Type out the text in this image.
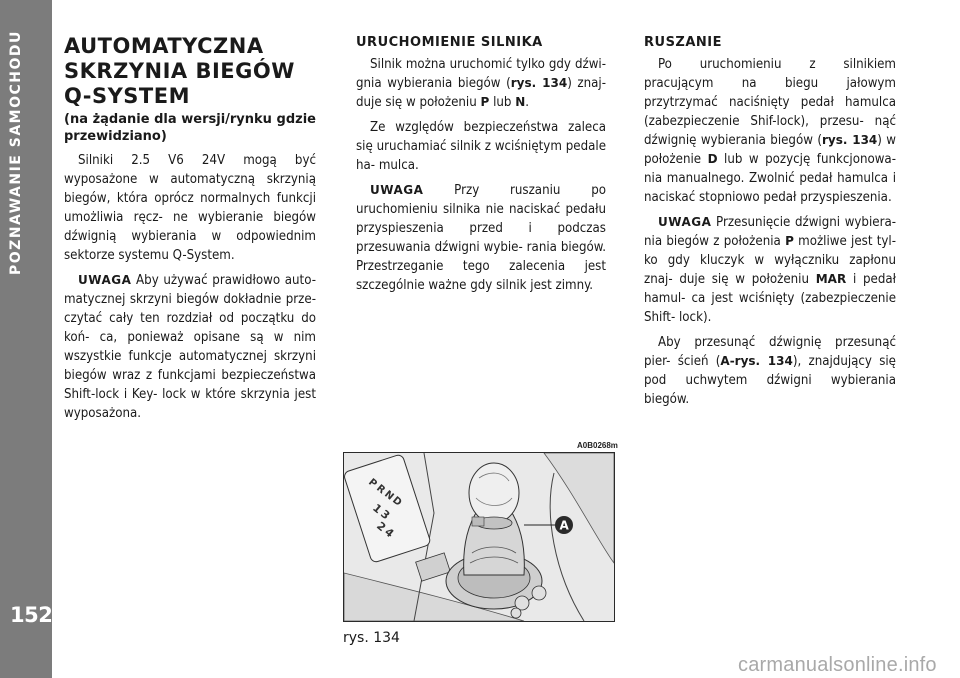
POZNAWANIE SAMOCHODU
152
AUTOMATYCZNA
SKRZYNIA BIEGÓW
Q-SYSTEM
(na żądanie dla wersji/rynku gdzie przewidziano)

Silniki 2.5 V6 24V mogą być wyposażone w automatyczną skrzynią biegów, która oprócz normalnych funkcji umożliwia ręcz- ne wybieranie biegów dźwignią wybierania w odpowiednim sektorze systemu Q-System.

UWAGA Aby używać prawidłowo auto- matycznej skrzyni biegów dokładnie prze- czytać cały ten rozdział od początku do koń- ca, ponieważ opisane są w nim wszystkie funkcje automatycznej skrzyni biegów wraz z funkcjami bezpieczeństwa Shift-lock i Key- lock w które skrzynia jest wyposażona.

URUCHOMIENIE SILNIKA

Silnik można uruchomić tylko gdy dźwi- gnia wybierania biegów (rys. 134) znaj- duje się w położeniu P lub N.

Ze względów bezpieczeństwa zaleca się uruchamiać silnik z wciśniętym pedale ha- mulca.

UWAGA Przy ruszaniu po uruchomieniu silnika nie naciskać pedału przyspieszenia przed i podczas przesuwania dźwigni wybie- rania biegów. Przestrzeganie tego zalecenia jest szczególnie ważne gdy silnik jest zimny.

RUSZANIE

Po uruchomieniu z silnikiem pracującym na biegu jałowym przytrzymać naciśnięty pedał hamulca (zabezpieczenie Shif-lock), przesu- nąć dźwignię wybierania biegów (rys. 134) w położenie D lub w pozycję funkcjonowa- nia manualnego. Zwolnić pedał hamulca i naciskać stopniowo pedał przyspieszenia.

UWAGA Przesunięcie dźwigni wybiera- nia biegów z położenia P możliwe jest tyl- ko gdy kluczyk w wyłączniku zapłonu znaj- duje się w położeniu MAR i pedał hamul- ca jest wciśnięty (zabezpieczenie Shift- lock).

Aby przesunąć dźwignię przesunąć pier- ścień (A-rys. 134), znajdujący się pod uchwytem dźwigni wybierania biegów.

A0B0268m
P
R
N
D
1
3
2
4	A
rys. 134
carmanualsonline.info
